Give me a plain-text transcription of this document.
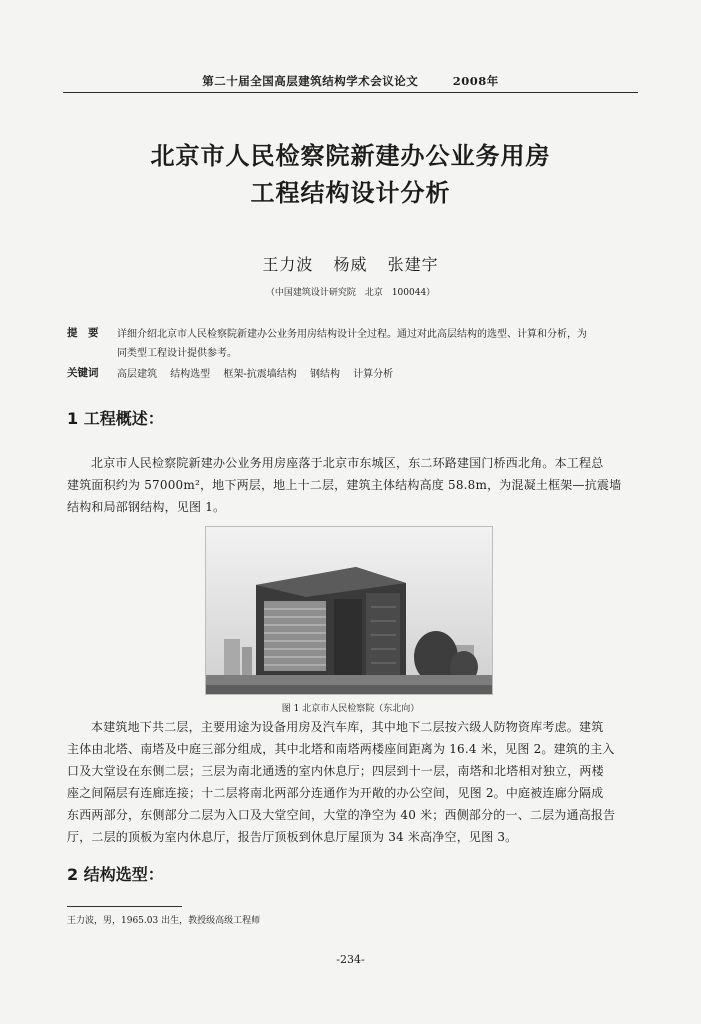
第二十届全国高层建筑结构学术会议论文	2008年
北京市人民检察院新建办公业务用房
工程结构设计分析
王力波 杨威 张建宇
（中国建筑设计研究院　北京　100044）
提　要 详细介绍北京市人民检察院新建办公业务用房结构设计全过程。通过对此高层结构的选型、计算和分析，为
同类型工程设计提供参考。
关键词 高层建筑　 结构选型　 框架-抗震墙结构　 钢结构　 计算分析
1 工程概述：
北京市人民检察院新建办公业务用房座落于北京市东城区，东二环路建国门桥西北角。本工程总
建筑面积约为 57000m²，地下两层，地上十二层，建筑主体结构高度 58.8m，为混凝土框架—抗震墙
结构和局部钢结构，见图 1。
图 1 北京市人民检察院（东北向）
本建筑地下共二层，主要用途为设备用房及汽车库，其中地下二层按六级人防物资库考虑。建筑
主体由北塔、南塔及中庭三部分组成，其中北塔和南塔两楼座间距离为 16.4 米，见图 2。建筑的主入
口及大堂设在东侧二层；三层为南北通透的室内休息厅；四层到十一层，南塔和北塔相对独立，两楼
座之间隔层有连廊连接；十二层将南北两部分连通作为开敞的办公空间，见图 2。中庭被连廊分隔成
东西两部分，东侧部分二层为入口及大堂空间，大堂的净空为 40 米；西侧部分的一、二层为通高报告
厅，二层的顶板为室内休息厅，报告厅顶板到休息厅屋顶为 34 米高净空，见图 3。
2 结构选型：
王力波，男，1965.03 出生，教授级高级工程师
-234-
